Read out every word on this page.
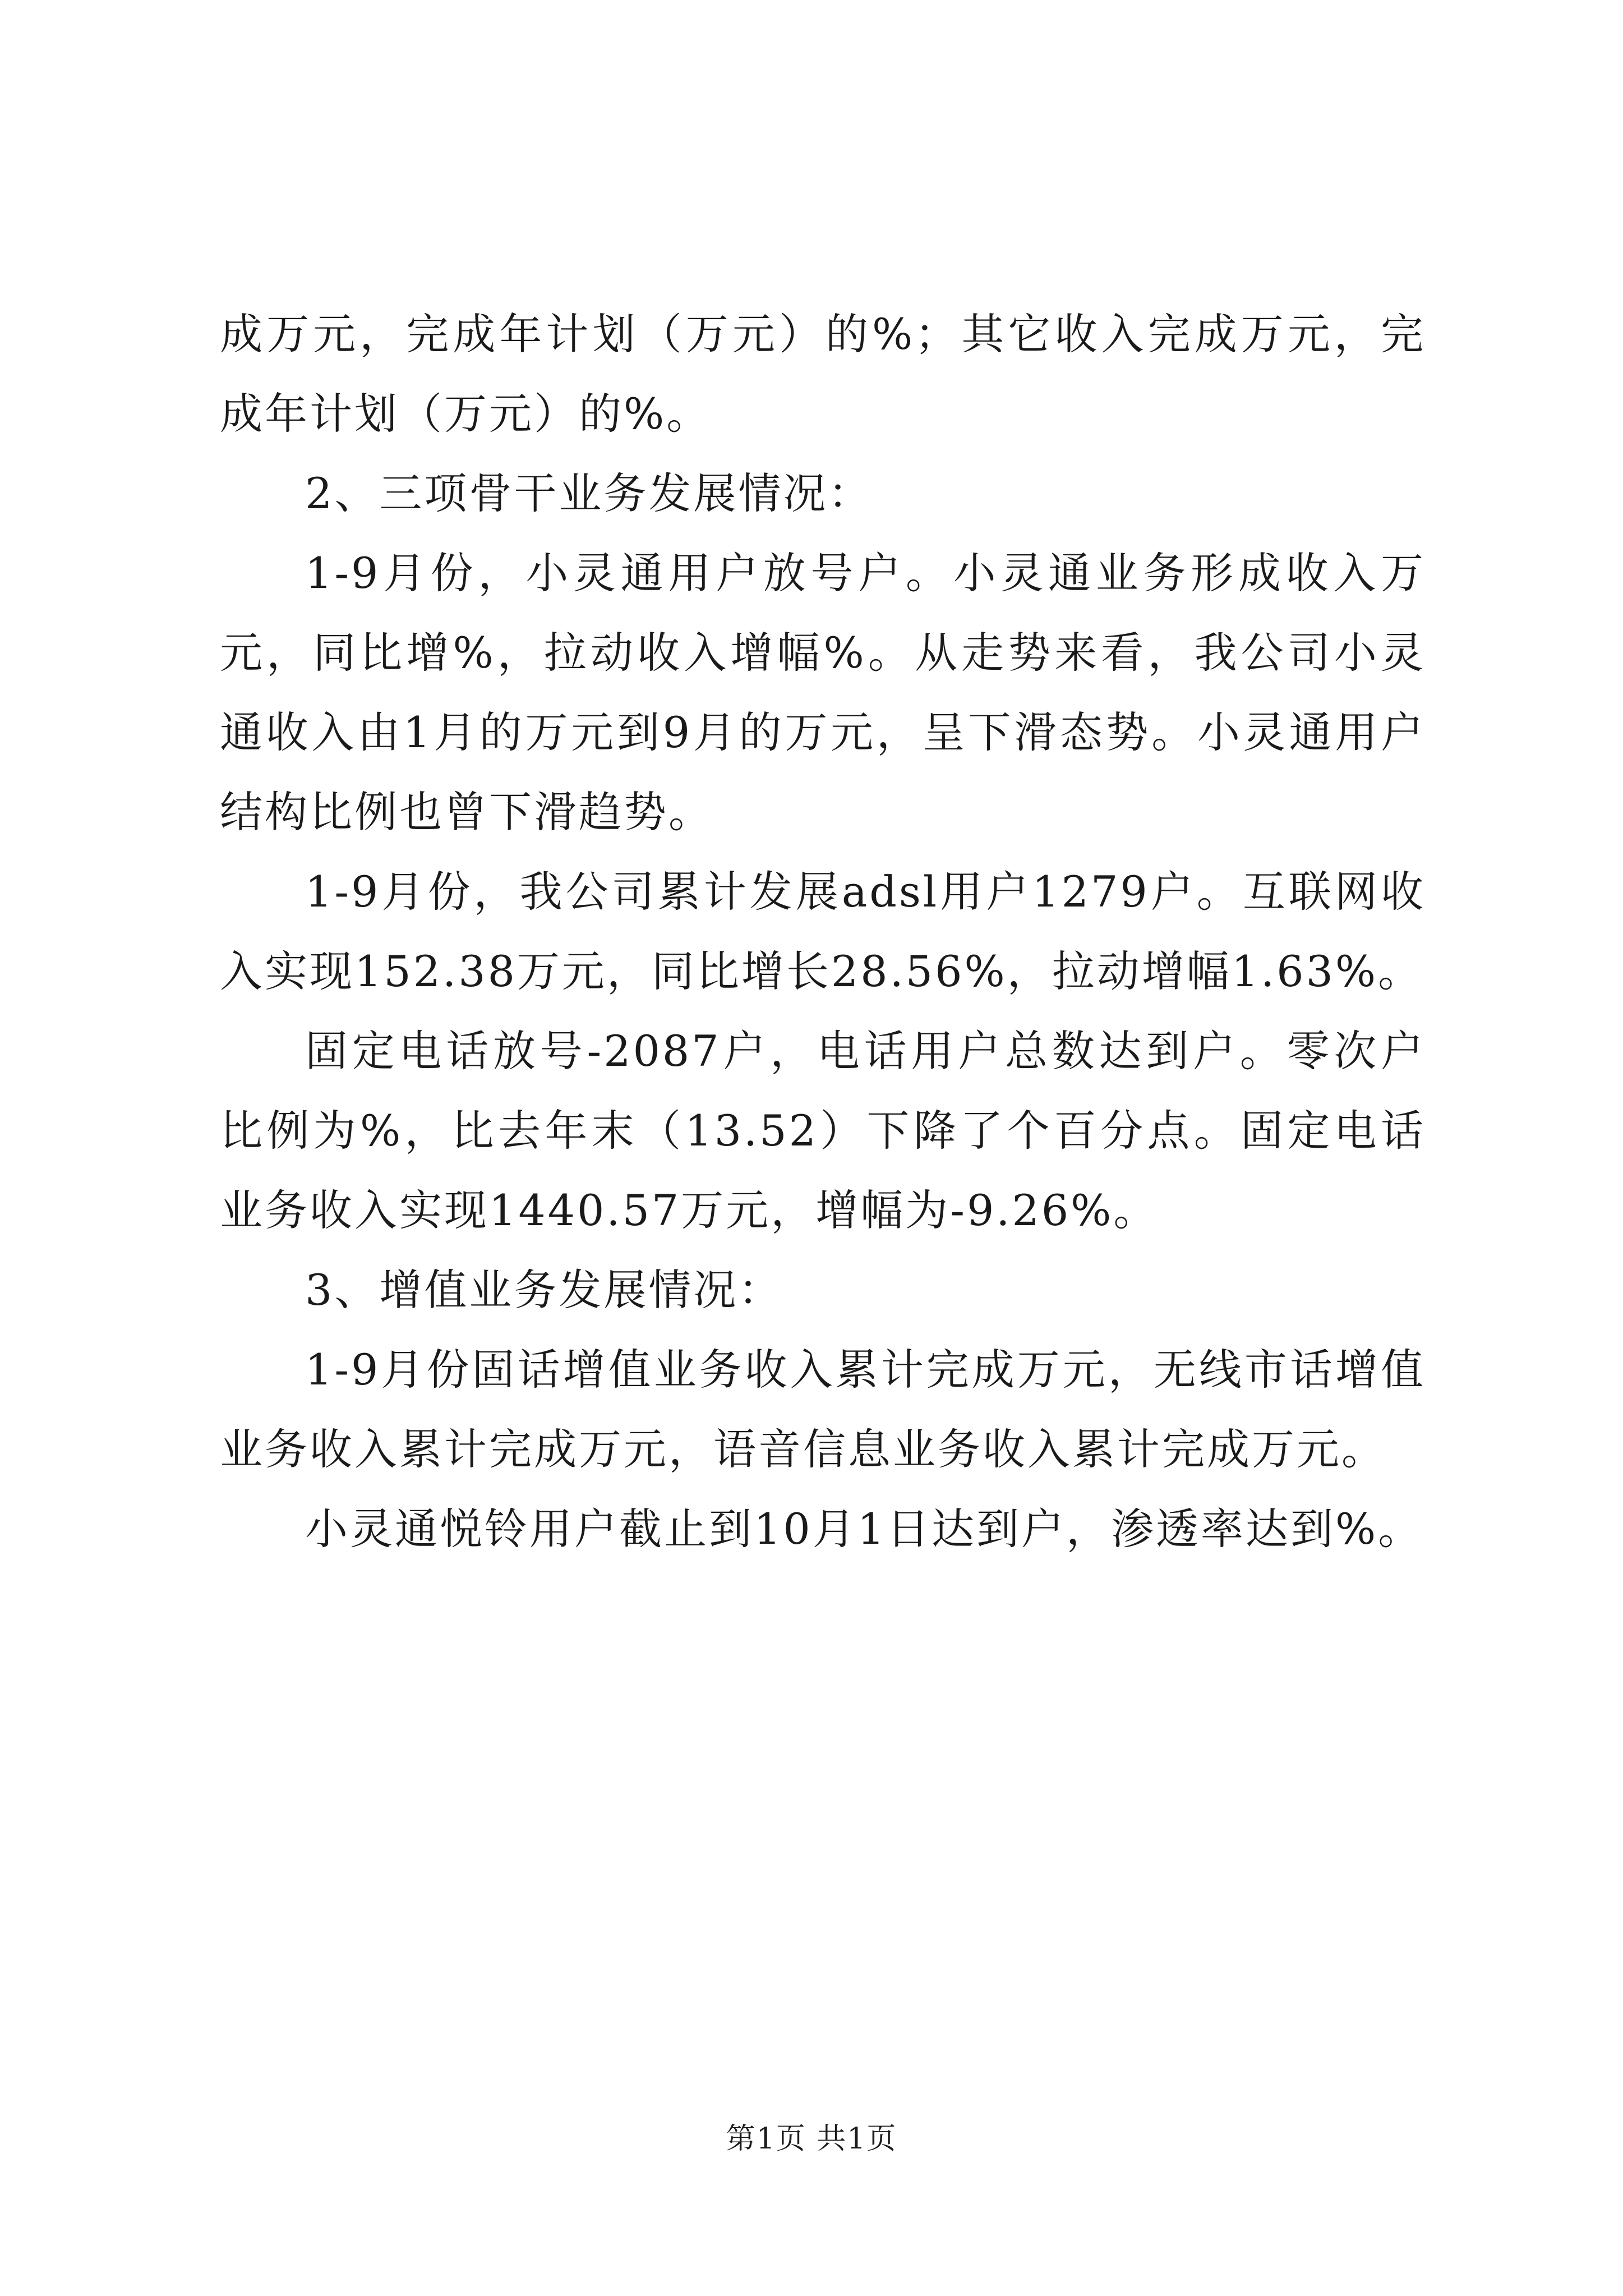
成万元，完成年计划（万元）的%；其它收入完成万元，完成年计划（万元）的%。

2、三项骨干业务发展情况：

1-9月份，小灵通用户放号户。小灵通业务形成收入万元，同比增%，拉动收入增幅%。从走势来看，我公司小灵通收入由1月的万元到9月的万元，呈下滑态势。小灵通用户结构比例也曾下滑趋势。

1-9月份，我公司累计发展adsl用户1279户。互联网收入实现152.38万元，同比增长28.56%，拉动增幅1.63%。

固定电话放号-2087户，电话用户总数达到户。零次户比例为%，比去年末（13.52）下降了个百分点。固定电话业务收入实现1440.57万元，增幅为-9.26%。

3、增值业务发展情况：

1-9月份固话增值业务收入累计完成万元，无线市话增值业务收入累计完成万元，语音信息业务收入累计完成万元。

小灵通悦铃用户截止到10月1日达到户，渗透率达到%。

第1页 共1页
